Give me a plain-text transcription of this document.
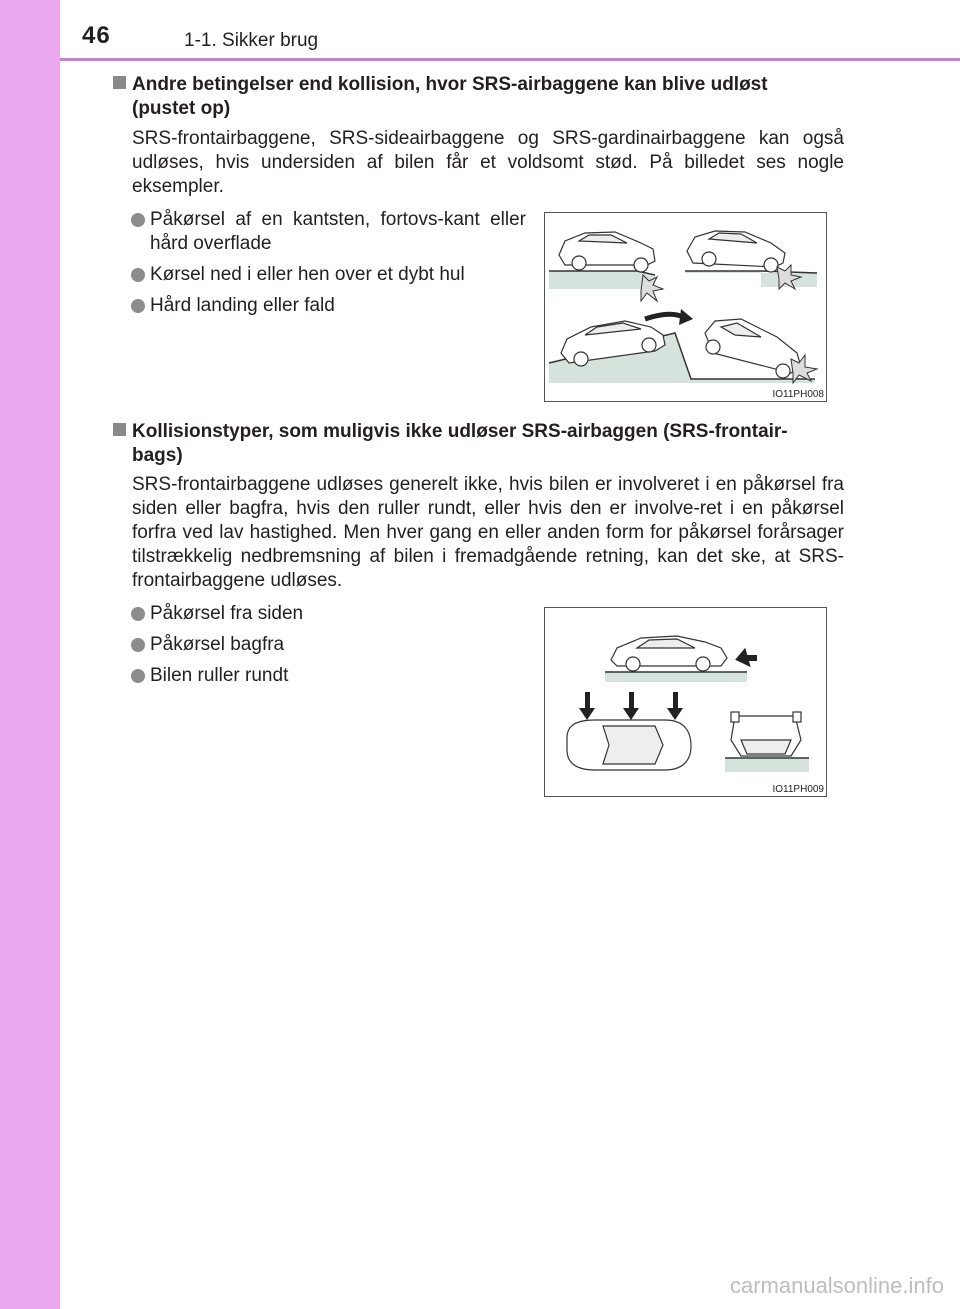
46	1-1. Sikker brug
Andre betingelser end kollision, hvor SRS-airbaggene kan blive udløst
(pustet op)
SRS-frontairbaggene, SRS-sideairbaggene og SRS-gardinairbaggene kan også udløses, hvis undersiden af bilen får et voldsomt stød. På billedet ses nogle eksempler.
Påkørsel af en kantsten, fortovs-kant eller hård overflade
Kørsel ned i eller hen over et dybt hul
Hård landing eller fald
IO11PH008
Kollisionstyper, som muligvis ikke udløser SRS-airbaggen (SRS-frontair-
bags)
SRS-frontairbaggene udløses generelt ikke, hvis bilen er involveret i en påkørsel fra siden eller bagfra, hvis den ruller rundt, eller hvis den er involve-ret i en påkørsel forfra ved lav hastighed. Men hver gang en eller anden form for påkørsel forårsager tilstrækkelig nedbremsning af bilen i fremadgående retning, kan det ske, at SRS-frontairbaggene udløses.
Påkørsel fra siden
Påkørsel bagfra
Bilen ruller rundt
IO11PH009
carmanualsonline.info
